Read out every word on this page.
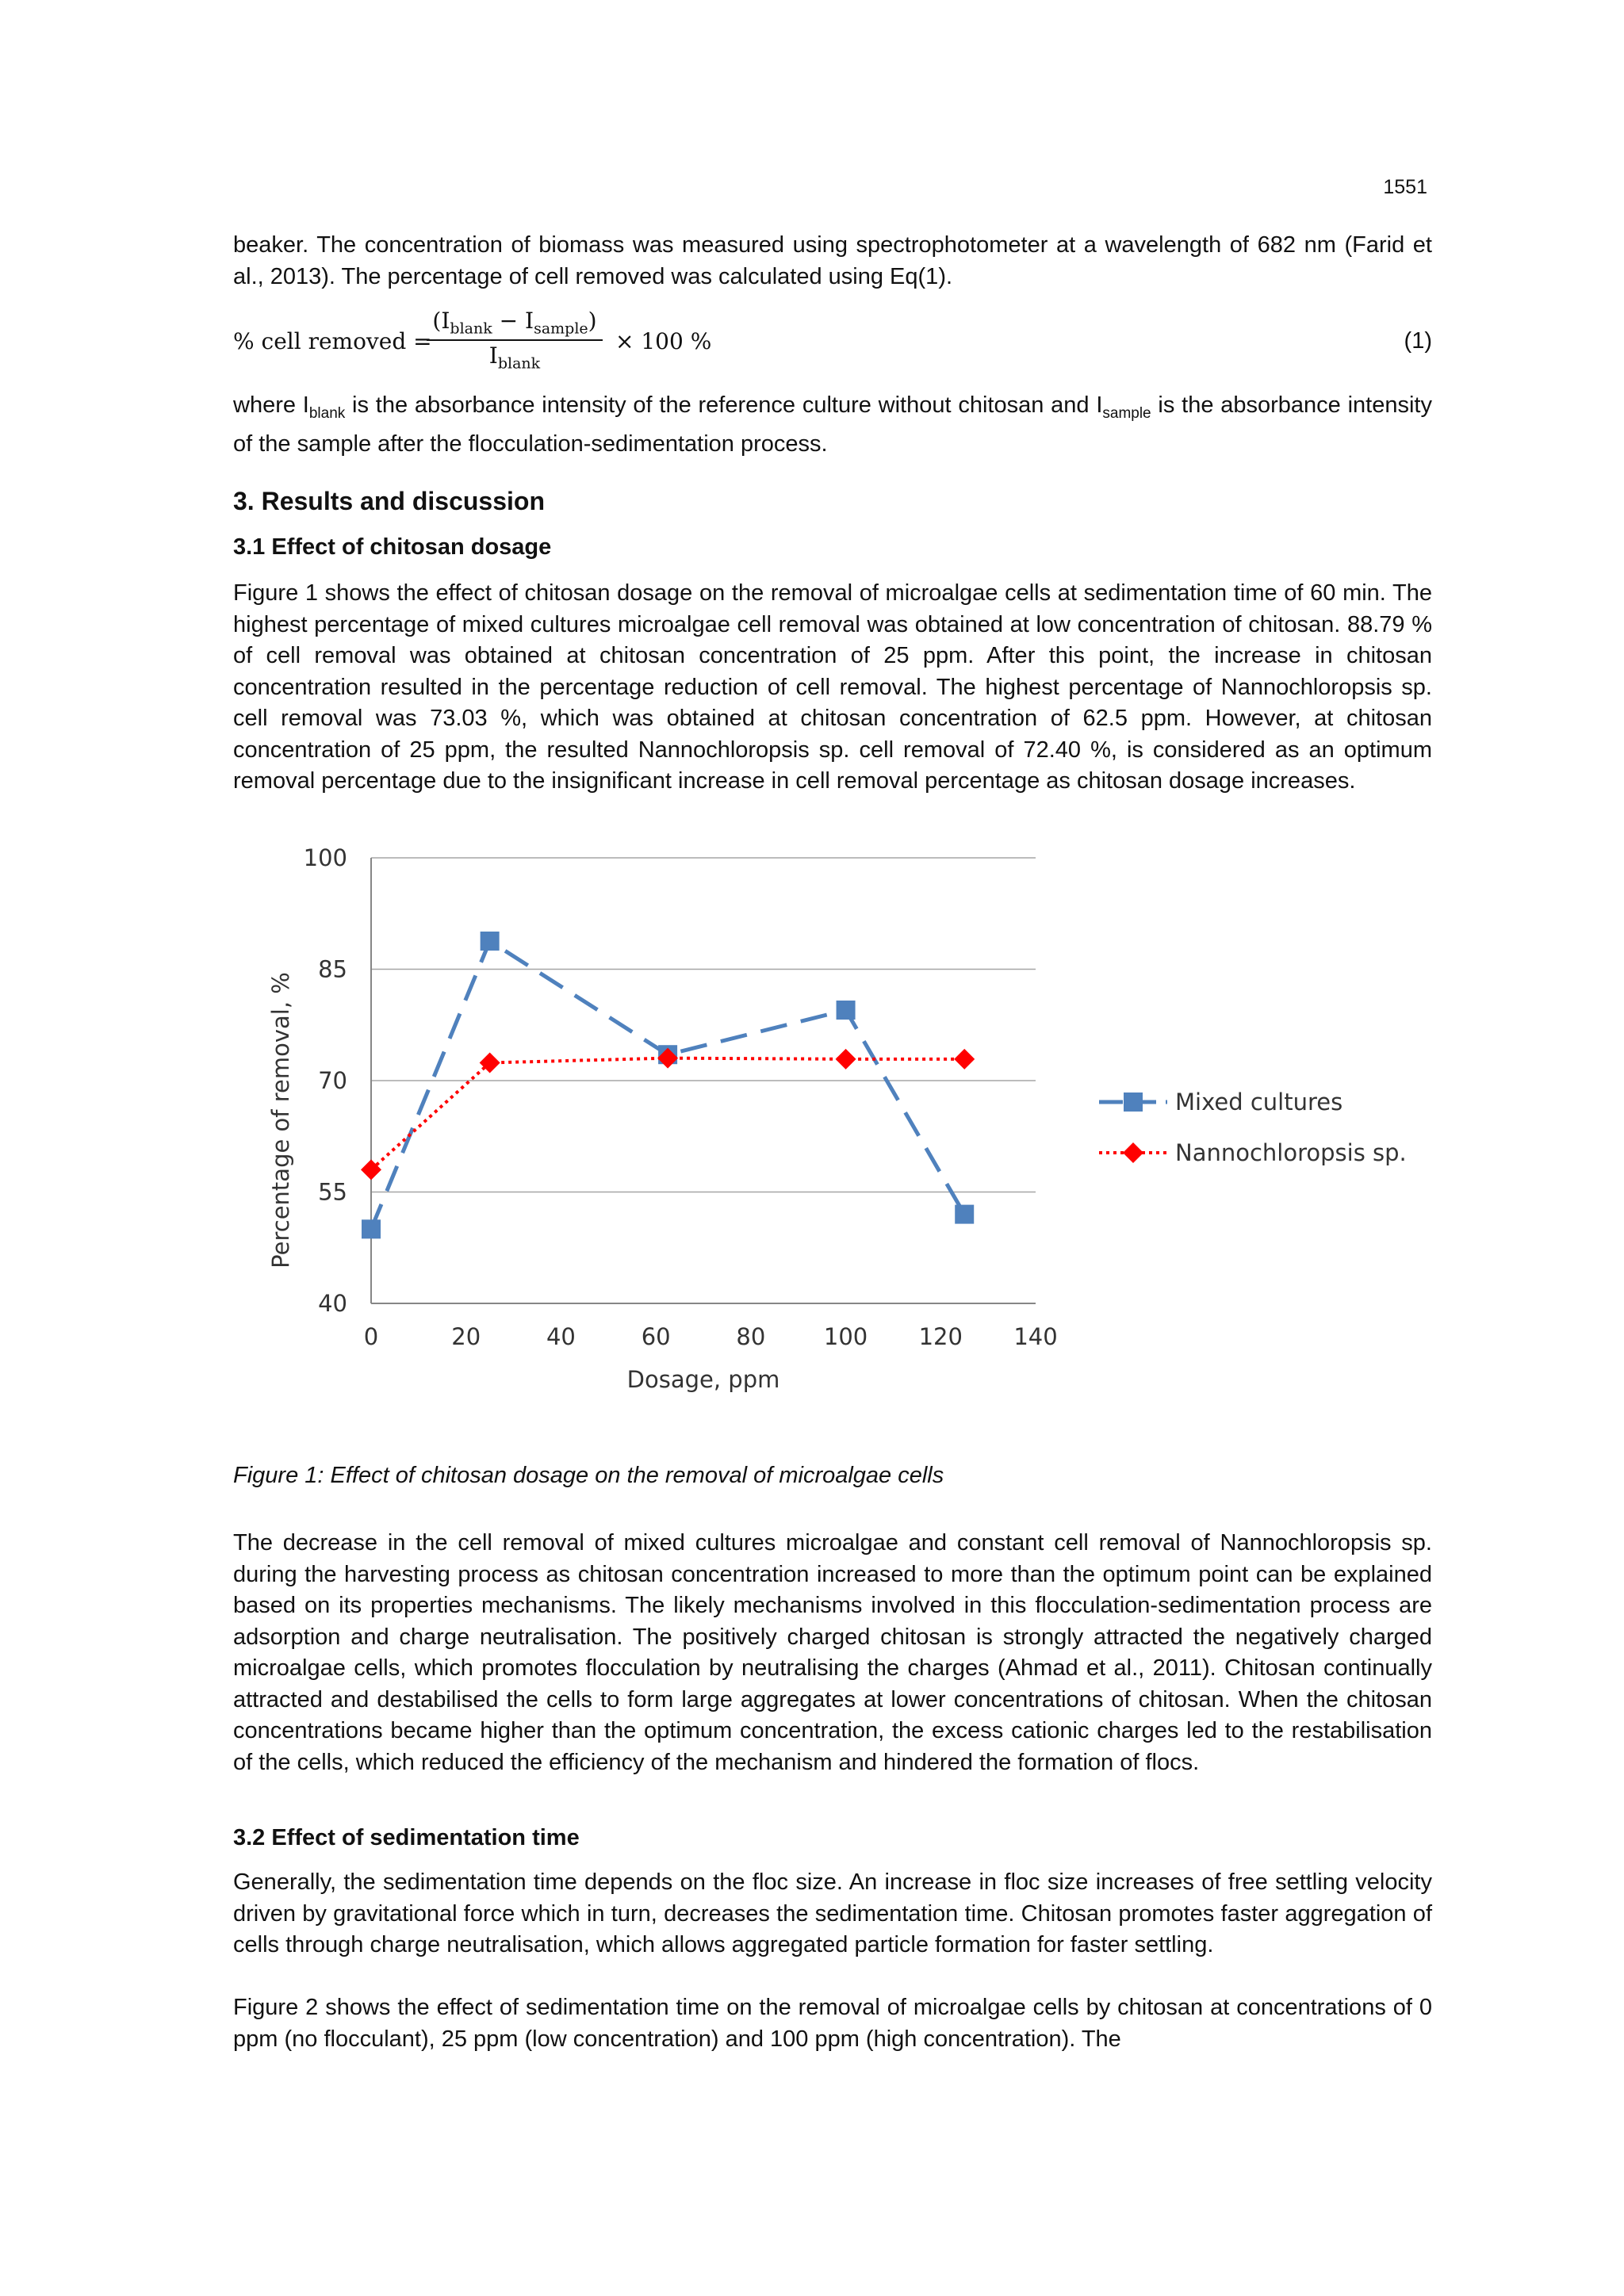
1551

beaker. The concentration of biomass was measured using spectrophotometer at a wavelength of 682 nm (Farid et al., 2013). The percentage of cell removed was calculated using Eq(1).

% cell removed =
$(I_{blank} - I_{sample})$
$I_{blank}$
× 100 %	(1)

where $I_{blank}$ is the absorbance intensity of the reference culture without chitosan and $I_{sample}$ is the absorbance intensity of the sample after the flocculation-sedimentation process.

3. Results and discussion
3.1 Effect of chitosan dosage

Figure 1 shows the effect of chitosan dosage on the removal of microalgae cells at sedimentation time of 60 min. The highest percentage of mixed cultures microalgae cell removal was obtained at low concentration of chitosan. 88.79 % of cell removal was obtained at chitosan concentration of 25 ppm. After this point, the increase in chitosan concentration resulted in the percentage reduction of cell removal. The highest percentage of Nannochloropsis sp. cell removal was 73.03 %, which was obtained at chitosan concentration of 62.5 ppm. However, at chitosan concentration of 25 ppm, the resulted Nannochloropsis sp. cell removal of 72.40 %, is considered as an optimum removal percentage due to the insignificant increase in cell removal percentage as chitosan dosage increases.

40
55
70
85
100
0	20	40	60	80	100 120 140
Mixed cultures
Nannochloropsis sp.
Dosage, ppm
Percentage of removal, %

Figure 1: Effect of chitosan dosage on the removal of microalgae cells

The decrease in the cell removal of mixed cultures microalgae and constant cell removal of Nannochloropsis sp. during the harvesting process as chitosan concentration increased to more than the optimum point can be explained based on its properties mechanisms. The likely mechanisms involved in this flocculation-sedimentation process are adsorption and charge neutralisation. The positively charged chitosan is strongly attracted the negatively charged microalgae cells, which promotes flocculation by neutralising the charges (Ahmad et al., 2011). Chitosan continually attracted and destabilised the cells to form large aggregates at lower concentrations of chitosan. When the chitosan concentrations became higher than the optimum concentration, the excess cationic charges led to the restabilisation of the cells, which reduced the efficiency of the mechanism and hindered the formation of flocs.

3.2 Effect of sedimentation time

Generally, the sedimentation time depends on the floc size. An increase in floc size increases of free settling velocity driven by gravitational force which in turn, decreases the sedimentation time. Chitosan promotes faster aggregation of cells through charge neutralisation, which allows aggregated particle formation for faster settling.

Figure 2 shows the effect of sedimentation time on the removal of microalgae cells by chitosan at concentrations of 0 ppm (no flocculant), 25 ppm (low concentration) and 100 ppm (high concentration). The
